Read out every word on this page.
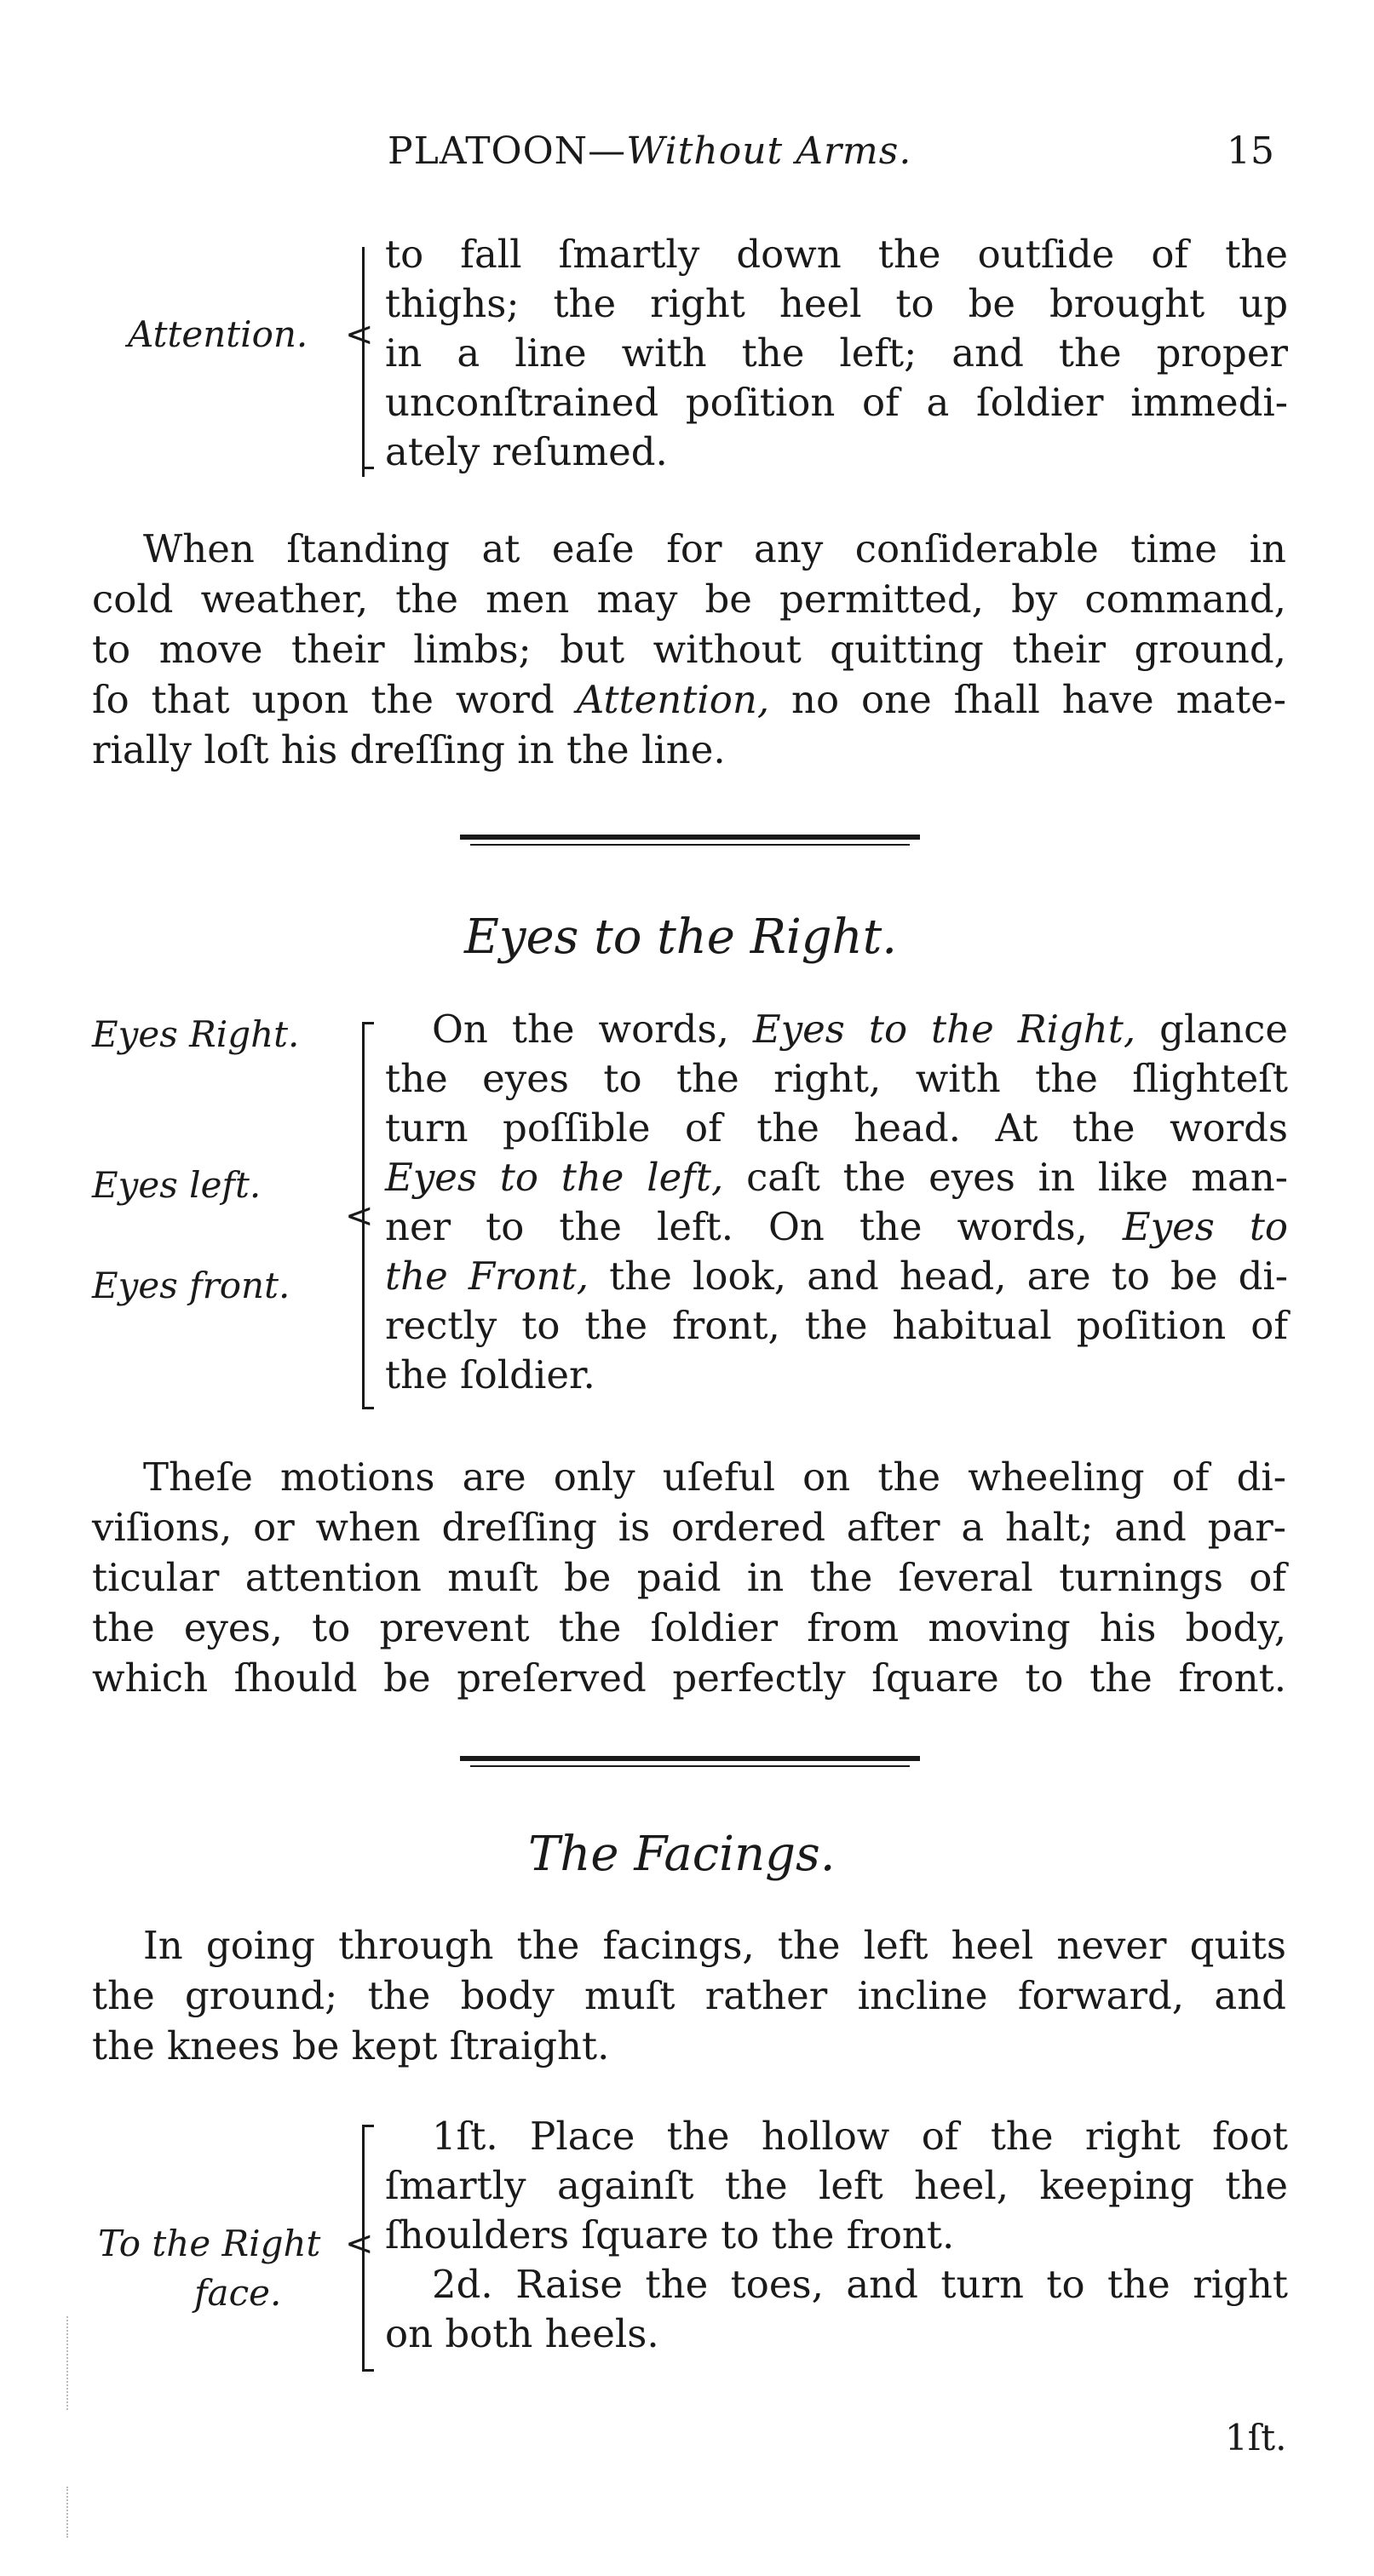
PLATOON—Without Arms.	15
Attention. <
to fall ſmartly down the outſide of the
thighs; the right heel to be brought up
in a line with the left; and the proper
unconſtrained poſition of a ſoldier immedi-
ately reſumed.
When ſtanding at eaſe for any conſiderable time in
cold weather, the men may be permitted, by command,
to move their limbs; but without quitting their ground,
ſo that upon the word Attention, no one ſhall have mate-
rially loſt his dreſſing in the line.
Eyes to the Right.
Eyes Right.
Eyes left.
Eyes front.
<
On the words, Eyes to the Right, glance
the eyes to the right, with the ſlighteſt
turn poſſible of the head. At the words
Eyes to the left, caſt the eyes in like man-
ner to the left. On the words, Eyes to
the Front, the look, and head, are to be di-
rectly to the front, the habitual poſition of
the ſoldier.
Theſe motions are only uſeful on the wheeling of di-
viſions, or when dreſſing is ordered after a halt; and par-
ticular attention muſt be paid in the ſeveral turnings of
the eyes, to prevent the ſoldier from moving his body,
which ſhould be preſerved perfectly ſquare to the front.
The Facings.
In going through the facings, the left heel never quits
the ground; the body muſt rather incline forward, and
the knees be kept ſtraight.
To the Right
face.
<
1ſt. Place the hollow of the right foot
ſmartly againſt the left heel, keeping the
ſhoulders ſquare to the front.
2d. Raise the toes, and turn to the right
on both heels.
1ſt.
